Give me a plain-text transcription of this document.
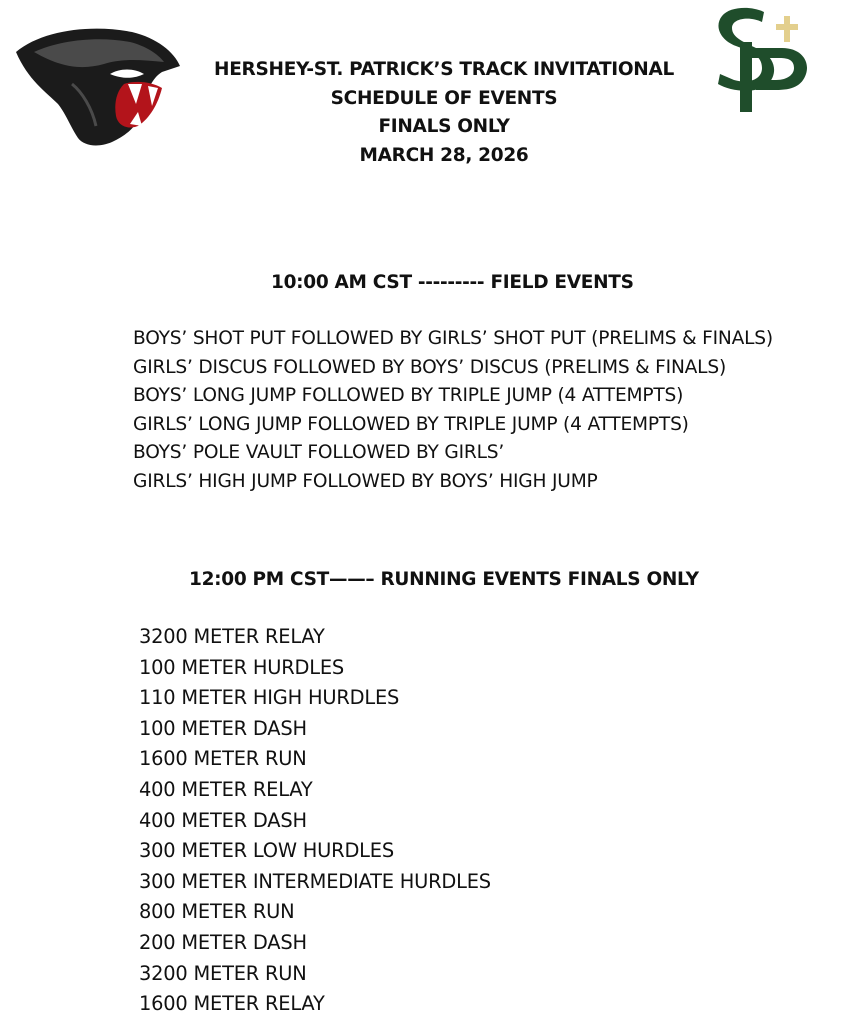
HERSHEY-ST. PATRICK’S TRACK INVITATIONAL
SCHEDULE OF EVENTS
FINALS ONLY
MARCH 28, 2026
10:00 AM CST --------- FIELD EVENTS
BOYS’ SHOT PUT FOLLOWED BY GIRLS’ SHOT PUT (PRELIMS & FINALS)
GIRLS’ DISCUS FOLLOWED BY BOYS’ DISCUS (PRELIMS & FINALS)
BOYS’ LONG JUMP FOLLOWED BY TRIPLE JUMP (4 ATTEMPTS)
GIRLS’ LONG JUMP FOLLOWED BY TRIPLE JUMP (4 ATTEMPTS)
BOYS’ POLE VAULT FOLLOWED BY GIRLS’
GIRLS’ HIGH JUMP FOLLOWED BY BOYS’ HIGH JUMP
12:00 PM CST——– RUNNING EVENTS FINALS ONLY
3200 METER RELAY
100 METER HURDLES
110 METER HIGH HURDLES
100 METER DASH
1600 METER RUN
400 METER RELAY
400 METER DASH
300 METER LOW HURDLES
300 METER INTERMEDIATE HURDLES
800 METER RUN
200 METER DASH
3200 METER RUN
1600 METER RELAY
